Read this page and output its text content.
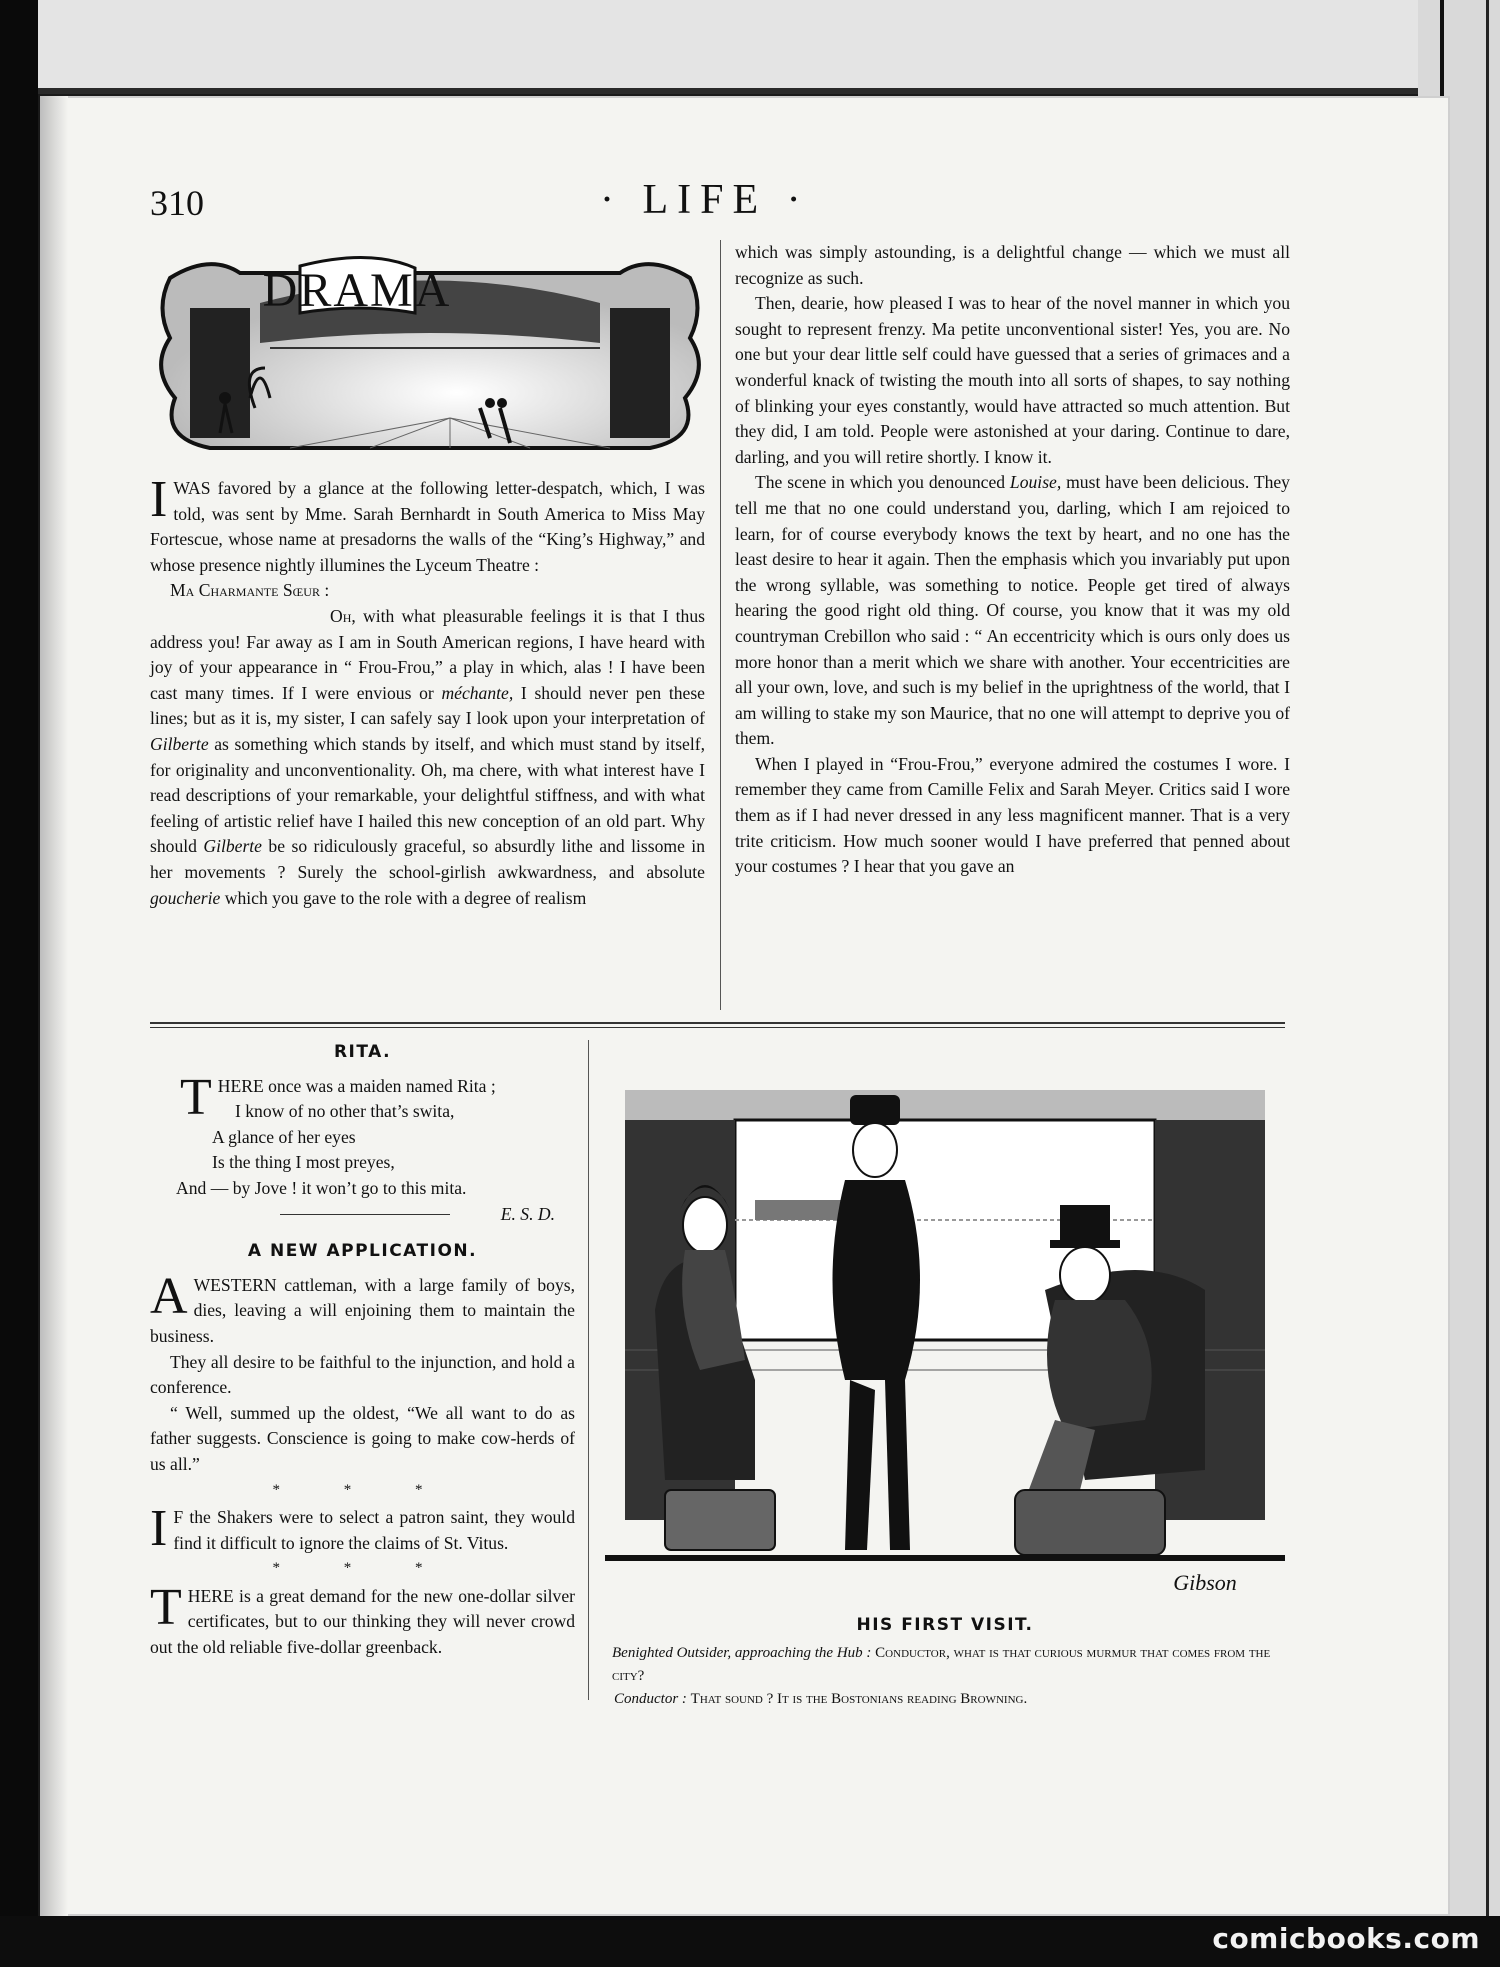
310	· LIFE ·
DRAMA

I WAS favored by a glance at the following letter-despatch, which, I was told, was sent by Mme. Sarah Bernhardt in South America to Miss May Fortescue, whose name at presadorns the walls of the “King’s Highway,” and whose presence nightly illumines the Lyceum Theatre :

Ma Charmante Sœur :

Oh, with what pleasurable feelings it is that I thus address you! Far away as I am in South American regions, I have heard with joy of your appearance in “ Frou-Frou,” a play in which, alas ! I have been cast many times. If I were envious or méchante, I should never pen these lines; but as it is, my sister, I can safely say I look upon your interpretation of Gilberte as something which stands by itself, and which must stand by itself, for originality and unconventionality. Oh, ma chere, with what interest have I read descriptions of your remarkable, your delightful stiffness, and with what feeling of artistic relief have I hailed this new conception of an old part. Why should Gilberte be so ridiculously graceful, so absurdly lithe and lissome in her movements ? Surely the school-girlish awkwardness, and absolute goucherie which you gave to the role with a degree of realism

which was simply astounding, is a delightful change — which we must all recognize as such.

Then, dearie, how pleased I was to hear of the novel manner in which you sought to represent frenzy. Ma petite unconventional sister! Yes, you are. No one but your dear little self could have guessed that a series of grimaces and a wonderful knack of twisting the mouth into all sorts of shapes, to say nothing of blinking your eyes constantly, would have attracted so much attention. But they did, I am told. People were astonished at your daring. Continue to dare, darling, and you will retire shortly. I know it.

The scene in which you denounced Louise, must have been delicious. They tell me that no one could understand you, darling, which I am rejoiced to learn, for of course everybody knows the text by heart, and no one has the least desire to hear it again. Then the emphasis which you invariably put upon the wrong syllable, was something to notice. People get tired of always hearing the good right old thing. Of course, you know that it was my old countryman Crebillon who said : “ An eccentricity which is ours only does us more honor than a merit which we share with another. Your eccentricities are all your own, love, and such is my belief in the uprightness of the world, that I am willing to stake my son Maurice, that no one will attempt to deprive you of them.

When I played in “Frou-Frou,” everyone admired the costumes I wore. I remember they came from Camille Felix and Sarah Meyer. Critics said I wore them as if I had never dressed in any less magnificent manner. That is a very trite criticism. How much sooner would I have preferred that penned about your costumes ? I hear that you gave an

RITA.
THERE once was a maiden named Rita ;
I know of no other that’s swita,
A glance of her eyes
Is the thing I most preyes,
And — by Jove ! it won’t go to this mita.
E. S. D.
A NEW APPLICATION.

A WESTERN cattleman, with a large family of boys, dies, leaving a will enjoining them to maintain the business.

They all desire to be faithful to the injunction, and hold a conference.

“ Well, summed up the oldest, “We all want to do as father suggests. Conscience is going to make cow-herds of us all.”

* * *

I F the Shakers were to select a patron saint, they would find it difficult to ignore the claims of St. Vitus.

* * *

THERE is a great demand for the new one-dollar silver certificates, but to our thinking they will never crowd out the old reliable five-dollar greenback.

Gibson
HIS FIRST VISIT.
Benighted Outsider, approaching the Hub : Conductor, what is that curious murmur that comes from the city?
Conductor : That sound ? It is the Bostonians reading Browning.
comicbooks.com
